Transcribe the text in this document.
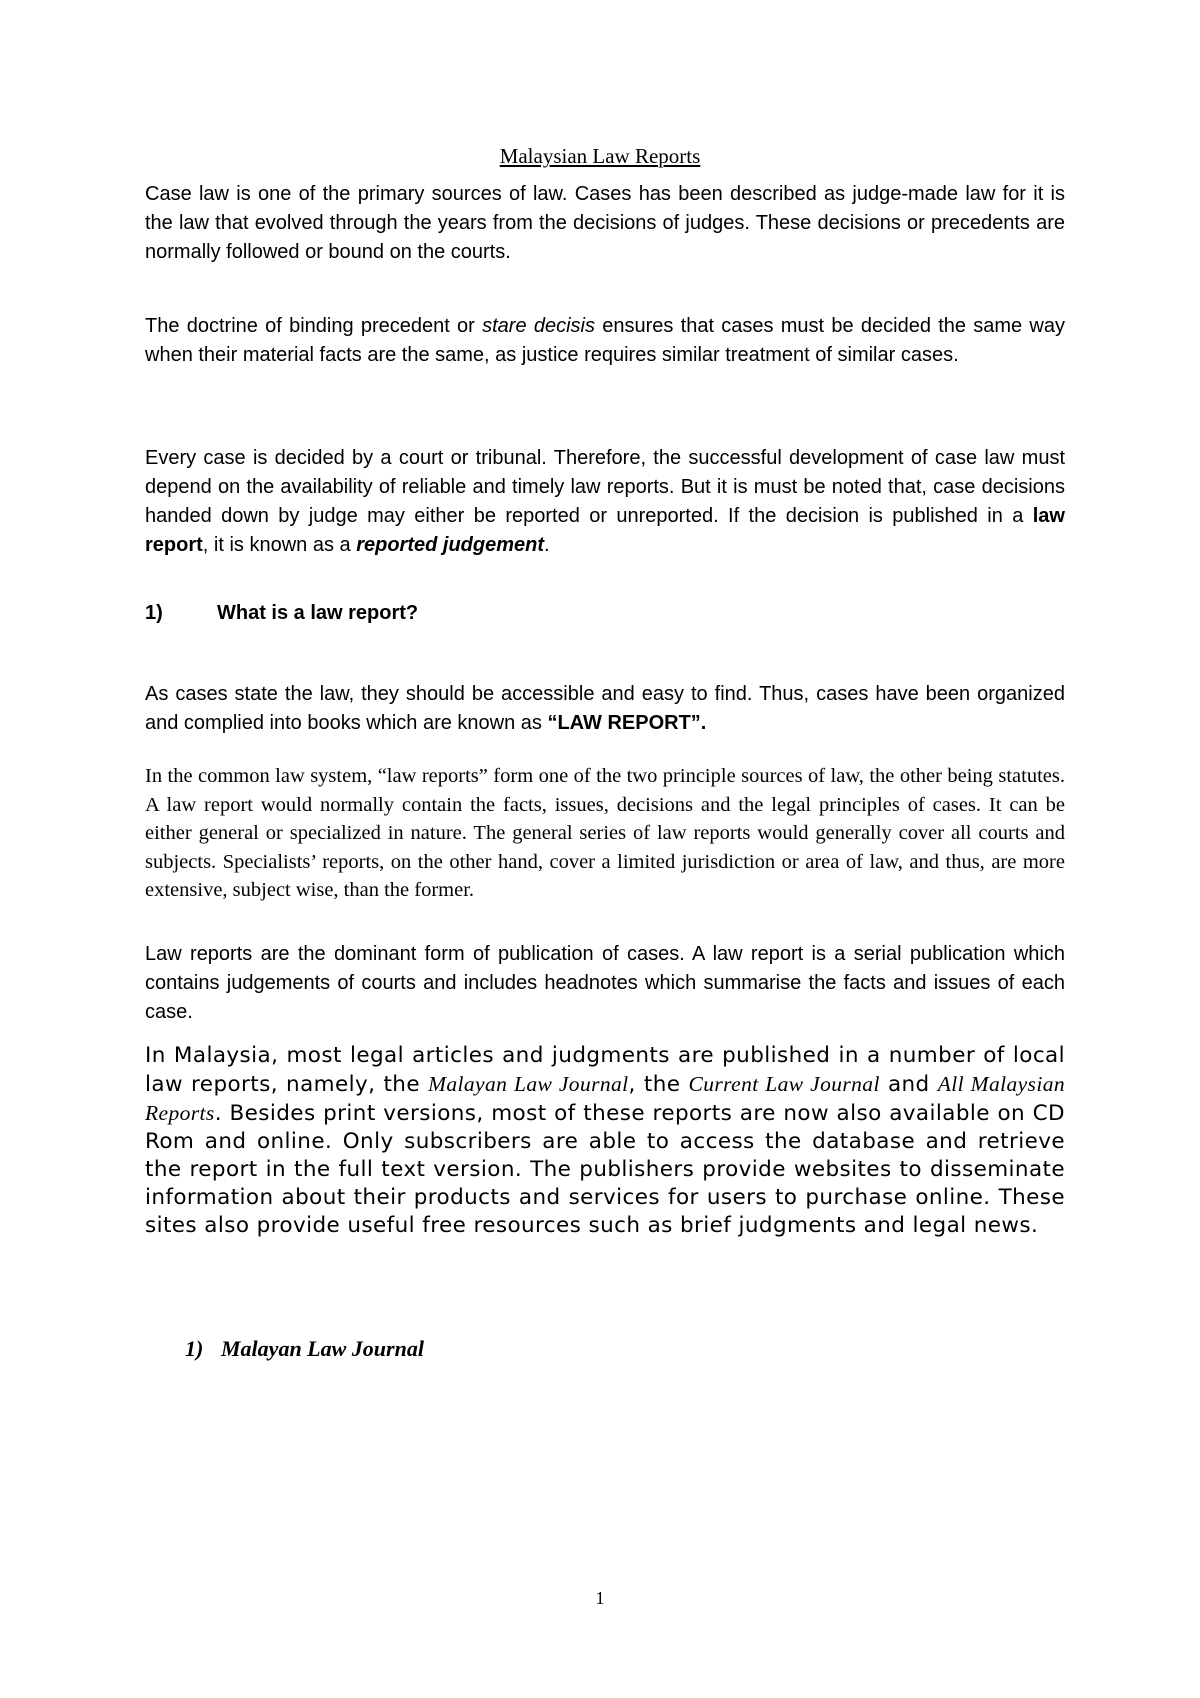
Malaysian Law Reports

Case law is one of the primary sources of law. Cases has been described as judge-made law for it is the law that evolved through the years from the decisions of judges. These decisions or precedents are normally followed or bound on the courts.

The doctrine of binding precedent or stare decisis ensures that cases must be decided the same way when their material facts are the same, as justice requires similar treatment of similar cases.

Every case is decided by a court or tribunal. Therefore, the successful development of case law must depend on the availability of reliable and timely law reports. But it is must be noted that, case decisions handed down by judge may either be reported or unreported. If the decision is published in a law report, it is known as a reported judgement.

1)	What is a law report?

As cases state the law, they should be accessible and easy to find. Thus, cases have been organized and complied into books which are known as “LAW REPORT”.

In the common law system, “law reports” form one of the two principle sources of law, the other being statutes. A law report would normally contain the facts, issues, decisions and the legal principles of cases. It can be either general or specialized in nature. The general series of law reports would generally cover all courts and subjects. Specialists’ reports, on the other hand, cover a limited jurisdiction or area of law, and thus, are more extensive, subject wise, than the former.

Law reports are the dominant form of publication of cases. A law report is a serial publication which contains judgements of courts and includes headnotes which summarise the facts and issues of each case.

In Malaysia, most legal articles and judgments are published in a number of local law reports, namely, the Malayan Law Journal, the Current Law Journal and All Malaysian Reports. Besides print versions, most of these reports are now also available on CD Rom and online. Only subscribers are able to access the database and retrieve the report in the full text version. The publishers provide websites to disseminate information about their products and services for users to purchase online. These sites also provide useful free resources such as brief judgments and legal news.

1) Malayan Law Journal
1
